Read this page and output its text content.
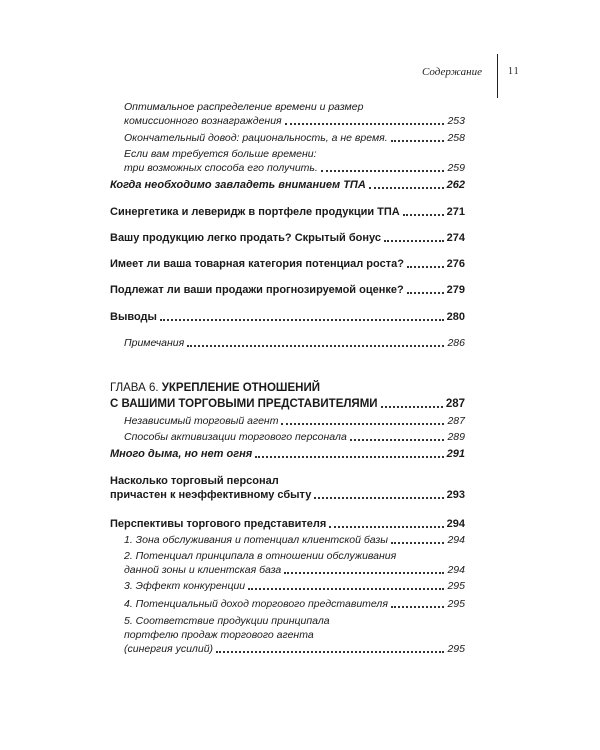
Содержание	11
Оптимальное распределение времени и размер
комиссионного вознаграждения	253
Окончательный довод: рациональность, а не время.	258
Если вам требуется больше времени:
три возможных способа его получить.	259
Когда необходимо завладеть вниманием ТПА	262
Синергетика и леверидж в портфеле продукции ТПА	271
Вашу продукцию легко продать? Скрытый бонус	274
Имеет ли ваша товарная категория потенциал роста?	276
Подлежат ли ваши продажи прогнозируемой оценке?	279
Выводы	280
Примечания	286
ГЛАВА 6. УКРЕПЛЕНИЕ ОТНОШЕНИЙ
С ВАШИМИ ТОРГОВЫМИ ПРЕДСТАВИТЕЛЯМИ	287
Независимый торговый агент	287
Способы активизации торгового персонала	289
Много дыма, но нет огня	291
Насколько торговый персонал
причастен к неэффективному сбыту	293
Перспективы торгового представителя	294
1. Зона обслуживания и потенциал клиентской базы	294
2. Потенциал принципала в отношении обслуживания
данной зоны и клиентская база	294
3. Эффект конкуренции	295
4. Потенциальный доход торгового представителя	295
5. Соответствие продукции принципала
портфелю продаж торгового агента
(синергия усилий)	295
